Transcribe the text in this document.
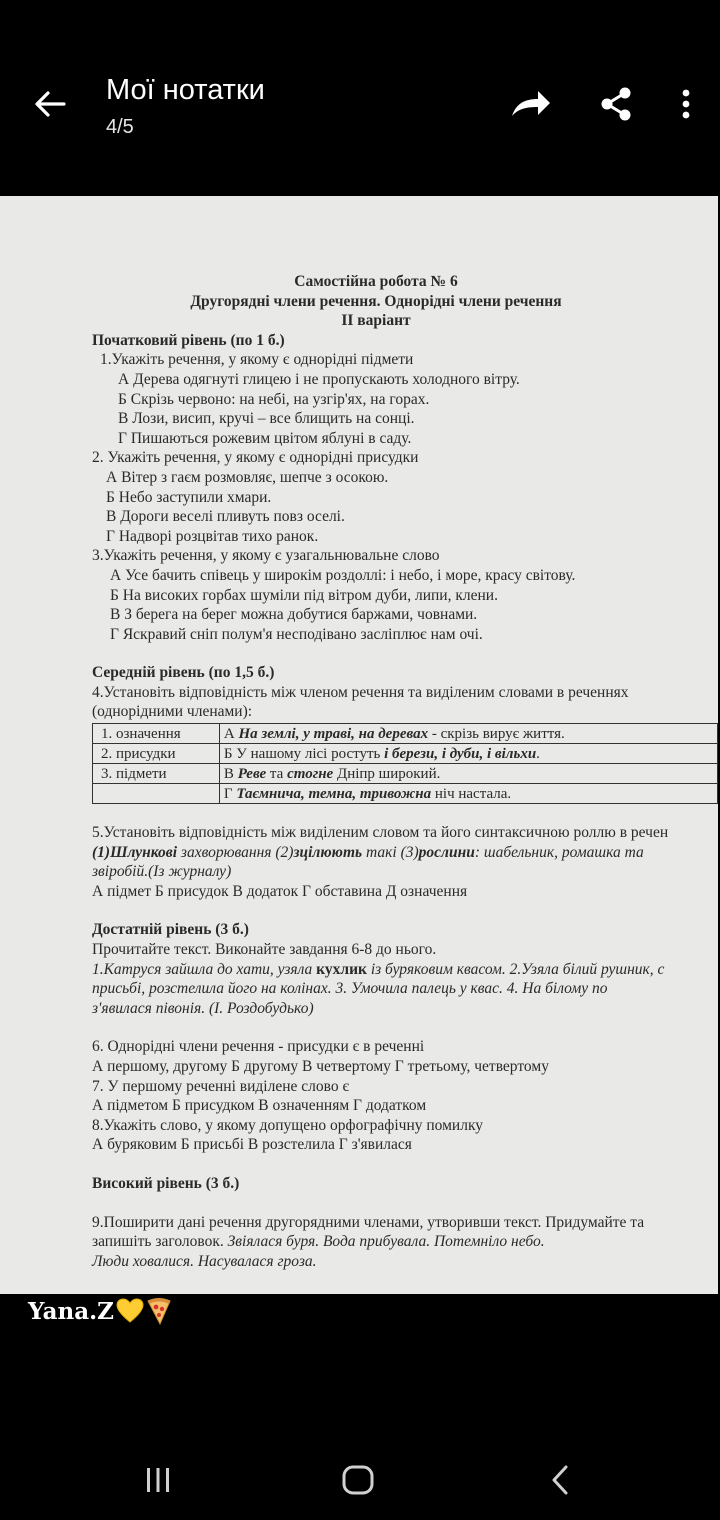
Мої нотатки
4/5
Самостійна робота № 6
Другорядні члени речення. Однорідні члени речення
II варіант
Початковий рівень (по 1 б.)
1.Укажіть речення, у якому є однорідні підмети
А Дерева одягнуті глицею і не пропускають холодного вітру.
Б Скрізь червоно: на небі, на узгір'ях, на горах.
В Лози, висип, кручі – все блищить на сонці.
Г Пишаються рожевим цвітом яблуні в саду.
2. Укажіть речення, у якому є однорідні присудки
А Вітер з гаєм розмовляє, шепче з осокою.
Б Небо заступили хмари.
В Дороги веселі пливуть повз оселі.
Г Надворі розцвітав тихо ранок.
3.Укажіть речення, у якому є узагальнювальне слово
А Усе бачить співець у широкім роздоллі: і небо, і море, красу світову.
Б На високих горбах шуміли під вітром дуби, липи, клени.
В З берега на берег можна добутися баржами, човнами.
Г Яскравий сніп полум'я несподівано засліплює нам очі.
Середній рівень (по 1,5 б.)
4.Установіть відповідність між членом речення та виділеним словами в реченнях
(однорідними членами):
1. означення	А На землі, у траві, на деревах - скрізь вирує життя.
2. присудки	Б У нашому лісі ростуть і берези, і дуби, і вільхи.
3. підмети	В Реве та стогне Дніпр широкий.
	Г Таємнича, темна, тривожна ніч настала.
5.Установіть відповідність між виділеним словом та його синтаксичною роллю в речен
(1)Шлункові захворювання (2)зцілюють такі (3)рослини: шабельник, ромашка та
звіробій.(Із журналу)
А підмет Б присудок В додаток Г обставина Д означення
Достатній рівень (3 б.)
Прочитайте текст. Виконайте завдання 6-8 до нього.
1.Катруся зайшла до хати, узяла кухлик із буряковим квасом. 2.Узяла білий рушник, с
присьбі, розстелила його на колінах. 3. Умочила палець у квас. 4. На білому по
з'явилася півонія. (І. Роздобудько)
6. Однорідні члени речення - присудки є в реченні
А першому, другому Б другому В четвертому Г третьому, четвертому
7. У першому реченні виділене слово є
А підметом Б присудком В означенням Г додатком
8.Укажіть слово, у якому допущено орфографічну помилку
А буряковим Б присьбі В розстелила Г з'явилася
Високий рівень (3 б.)
9.Поширити дані речення другорядними членами, утворивши текст. Придумайте та
запишіть заголовок. Звіялася буря. Вода прибувала. Потемніло небо.
Люди ховалися. Насувалася гроза.
Yana.Z
